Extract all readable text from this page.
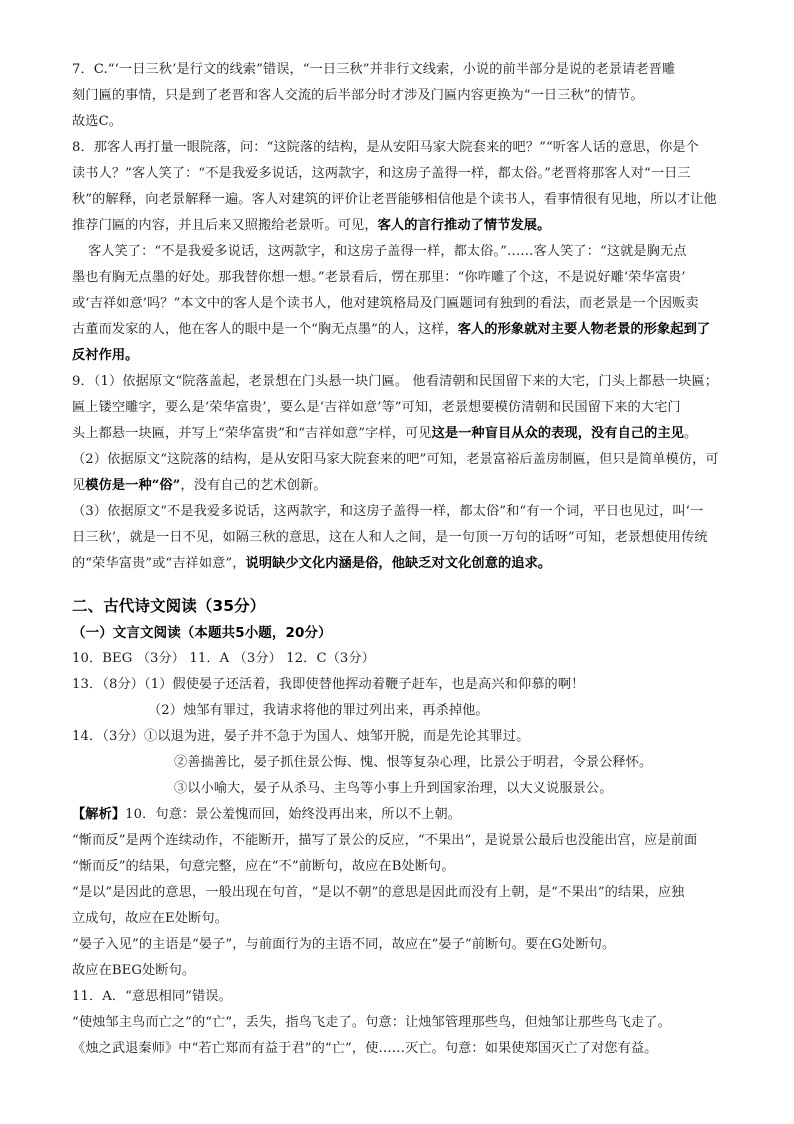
7．C.“‘一日三秋’是行文的线索”错误，“一日三秋”并非行文线索，小说的前半部分是说的老景请老晋雕
刻门匾的事情，只是到了老晋和客人交流的后半部分时才涉及门匾内容更换为“一日三秋”的情节。
故选C。
8．那客人再打量一眼院落，问：“这院落的结构，是从安阳马家大院套来的吧？”“听客人话的意思，你是个
读书人？”客人笑了：“不是我爱多说话，这两款字，和这房子盖得一样，都太俗。”老晋将那客人对“一日三
秋”的解释，向老景解释一遍。客人对建筑的评价让老晋能够相信他是个读书人，看事情很有见地，所以才让他
推荐门匾的内容，并且后来又照搬给老景听。可见，客人的言行推动了情节发展。
客人笑了：“不是我爱多说话，这两款字，和这房子盖得一样，都太俗。”……客人笑了：“这就是胸无点
墨也有胸无点墨的好处。那我替你想一想。”老景看后，愣在那里：“你咋雕了个这，不是说好雕‘荣华富贵’
或‘吉祥如意’吗？”本文中的客人是个读书人，他对建筑格局及门匾题词有独到的看法，而老景是一个因贩卖
古董而发家的人，他在客人的眼中是一个“胸无点墨”的人，这样，客人的形象就对主要人物老景的形象起到了
反衬作用。
9．（1）依据原文“院落盖起，老景想在门头悬一块门匾。 他看清朝和民国留下来的大宅，门头上都悬一块匾；
匾上镂空雕字，要么是‘荣华富贵’，要么是‘吉祥如意’等”可知，老景想要模仿清朝和民国留下来的大宅门
头上都悬一块匾，并写上“荣华富贵”和“吉祥如意”字样，可见这是一种盲目从众的表现，没有自己的主见。
（2）依据原文“这院落的结构，是从安阳马家大院套来的吧”可知，老景富裕后盖房制匾，但只是简单模仿，可
见模仿是一种“俗”，没有自己的艺术创新。
（3）依据原文“不是我爱多说话，这两款字，和这房子盖得一样，都太俗”和“有一个词，平日也见过，叫‘一
日三秋’，就是一日不见，如隔三秋的意思，这在人和人之间，是一句顶一万句的话呀”可知，老景想使用传统
的“荣华富贵”或“吉祥如意”，说明缺少文化内涵是俗，他缺乏对文化创意的追求。
二、古代诗文阅读（35分）
（一）文言文阅读（本题共5小题，20分）
10．BEG （3分） 11．A （3分） 12．C（3分）
13．（8分）（1）假使晏子还活着，我即使替他挥动着鞭子赶车，也是高兴和仰慕的啊！
（2）烛邹有罪过，我请求将他的罪过列出来，再杀掉他。
14．（3分）①以退为进，晏子并不急于为国人、烛邹开脱，而是先论其罪过。
②善揣善比，晏子抓住景公悔、愧、恨等复杂心理，比景公于明君，令景公释怀。
③以小喻大，晏子从杀马、主鸟等小事上升到国家治理，以大义说服景公。
【解析】10．句意：景公羞愧而回，始终没再出来，所以不上朝。
“惭而反”是两个连续动作，不能断开，描写了景公的反应，“不果出”，是说景公最后也没能出宫，应是前面
“惭而反”的结果，句意完整，应在“不”前断句，故应在B处断句。
“是以”是因此的意思，一般出现在句首，“是以不朝”的意思是因此而没有上朝，是“不果出”的结果，应独
立成句，故应在E处断句。
“晏子入见”的主语是“晏子”，与前面行为的主语不同，故应在“晏子”前断句。要在G处断句。
故应在BEG处断句。
11．A．“意思相同”错误。
“使烛邹主鸟而亡之”的“亡”，丢失，指鸟飞走了。句意：让烛邹管理那些鸟，但烛邹让那些鸟飞走了。
《烛之武退秦师》中“若亡郑而有益于君”的“亡”，使……灭亡。句意：如果使郑国灭亡了对您有益。
